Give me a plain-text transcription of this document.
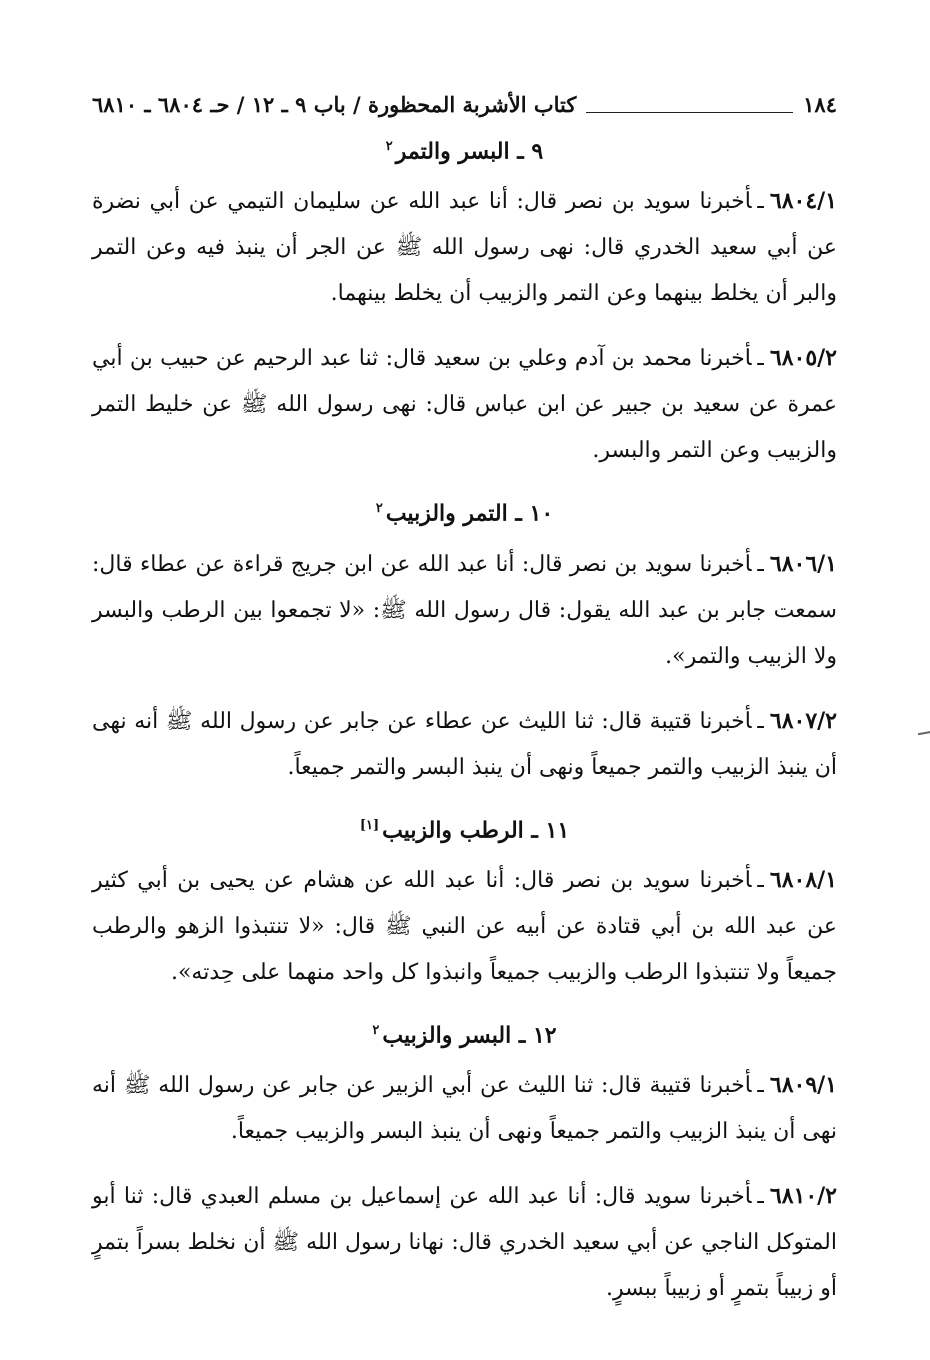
١٨٤
كتاب الأشربة المحظورة / باب ٩ ـ ١٢ / حـ ٦٨٠٤ ـ ٦٨١٠
٩ ـ البسر والتمر$^٢$

٦٨٠٤/١ـأخبرنا سويد بن نصر قال: أنا عبد الله عن سليمان التيمي عن أبي نضرة عن أبي سعيد الخدري قال: نهى رسول الله ﷺ عن الجر أن ينبذ فيه وعن التمر والبر أن يخلط بينهما وعن التمر والزبيب أن يخلط بينهما.

٦٨٠٥/٢ـأخبرنا محمد بن آدم وعلي بن سعيد قال: ثنا عبد الرحيم عن حبيب بن أبي عمرة عن سعيد بن جبير عن ابن عباس قال: نهى رسول الله ﷺ عن خليط التمر والزبيب وعن التمر والبسر.

١٠ ـ التمر والزبيب$^٢$

٦٨٠٦/١ـأخبرنا سويد بن نصر قال: أنا عبد الله عن ابن جريج قراءة عن عطاء قال: سمعت جابر بن عبد الله يقول: قال رسول الله ﷺ: «لا تجمعوا بين الرطب والبسر ولا الزبيب والتمر».

٦٨٠٧/٢ـأخبرنا قتيبة قال: ثنا الليث عن عطاء عن جابر عن رسول الله ﷺ أنه نهى أن ينبذ الزبيب والتمر جميعاً ونهى أن ينبذ البسر والتمر جميعاً.

١١ ـ الرطب والزبيب[١]

٦٨٠٨/١ـأخبرنا سويد بن نصر قال: أنا عبد الله عن هشام عن يحيى بن أبي كثير عن عبد الله بن أبي قتادة عن أبيه عن النبي ﷺ قال: «لا تنتبذوا الزهو والرطب جميعاً ولا تنتبذوا الرطب والزبيب جميعاً وانبذوا كل واحد منهما على حِدته».

١٢ ـ البسر والزبيب$^٢$

٦٨٠٩/١ـأخبرنا قتيبة قال: ثنا الليث عن أبي الزبير عن جابر عن رسول الله ﷺ أنه نهى أن ينبذ الزبيب والتمر جميعاً ونهى أن ينبذ البسر والزبيب جميعاً.

٦٨١٠/٢ـأخبرنا سويد قال: أنا عبد الله عن إسماعيل بن مسلم العبدي قال: ثنا أبو المتوكل الناجي عن أبي سعيد الخدري قال: نهانا رسول الله ﷺ أن نخلط بسراً بتمرٍ أو زبيباً بتمرٍ أو زبيباً ببسرٍ.
